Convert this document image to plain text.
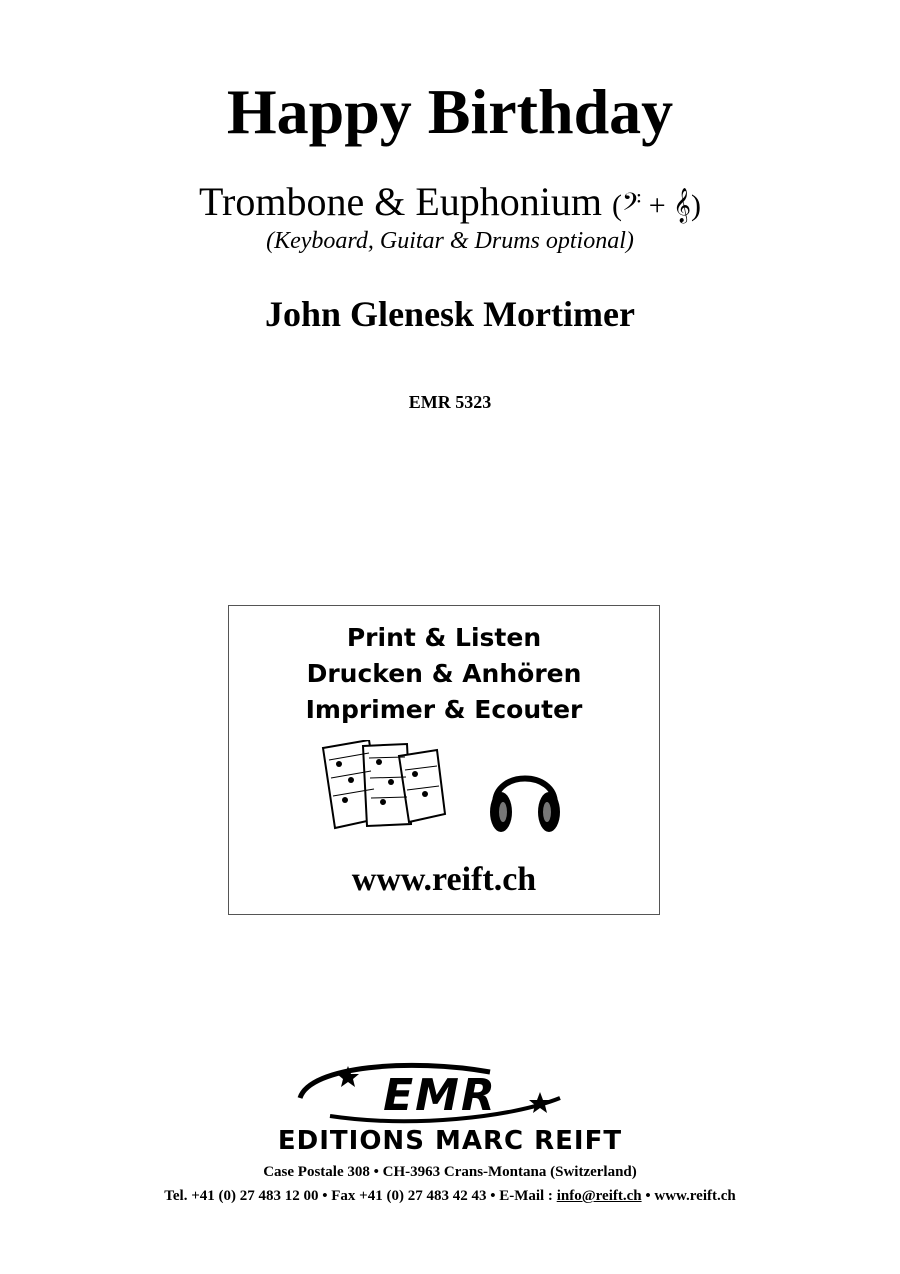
Happy Birthday
Trombone & Euphonium (𝄢 + 𝄞)
(Keyboard, Guitar & Drums optional)
John Glenesk Mortimer
EMR 5323
Print & Listen
Drucken & Anhören
Imprimer & Ecouter
www.reift.ch
EMR
EDITIONS MARC REIFT
Case Postale 308 • CH-3963 Crans-Montana (Switzerland)
Tel. +41 (0) 27 483 12 00 • Fax +41 (0) 27 483 42 43 • E-Mail : info@reift.ch • www.reift.ch
